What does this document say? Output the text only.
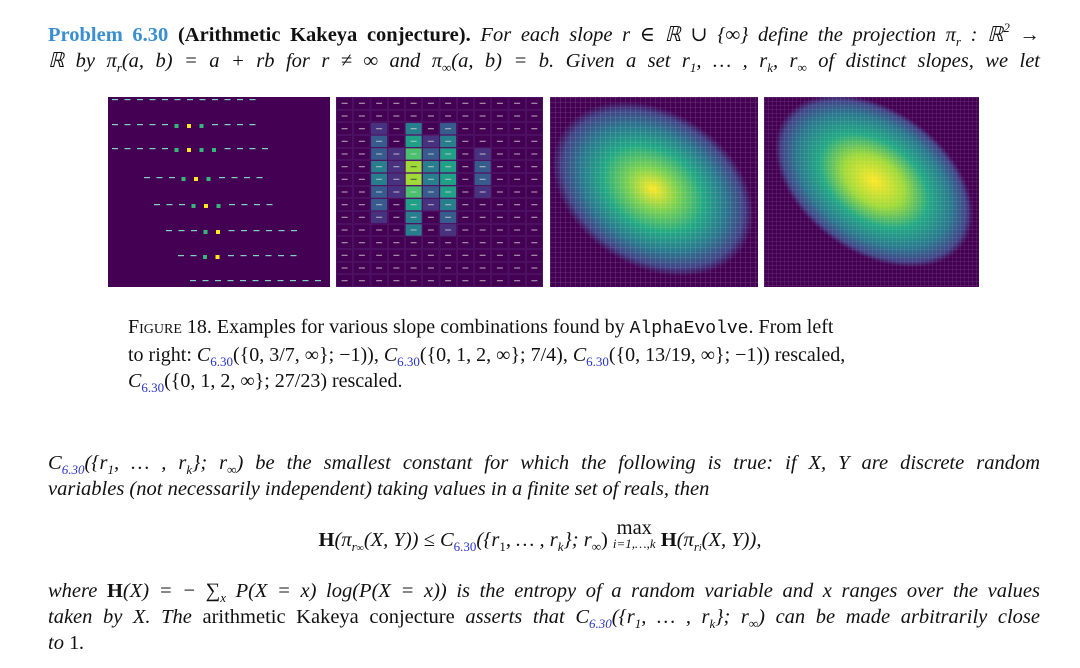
Problem 6.30 (Arithmetic Kakeya conjecture). For each slope r ∈ ℝ ∪ {∞} define the projection $\pi_r$ : ℝ$^2$ →
ℝ by $\pi_r(a$, b) = a + rb for r ≠ ∞ and $\pi_\infty(a$, b) = b. Given a set $r_1$, … , $r_k$, $r_\infty$ of distinct slopes, we let
Figure 18. Examples for various slope combinations found by AlphaEvolve. From left
to right: $C_{6.30}(\{0$, 3/7, ∞}; −1)), $C_{6.30}(\{0$, 1, 2, ∞}; 7/4), $C_{6.30}(\{0$, 13/19, ∞}; −1)) rescaled,
$C_{6.30}(\{0$, 1, 2, ∞}; 27/23) rescaled.
$C_{6.30}(\{r_1$, … , $r_k$}; $r_\infty$) be the smallest constant for which the following is true: if X, Y are discrete random
variables (not necessarily independent) taking values in a finite set of reals, then
$H(\pi_{r\infty}(X$, $Y)) \le C_{6.30}(\{r_1$, … , $r_k$}; $r_\infty$) max
i=1,…,k $H(\pi_{ri}(X$, Y)),
where H(X) = − $\sum_x$ P(X = x) log(P(X = x)) is the entropy of a random variable and x ranges over the values
taken by X. The arithmetic Kakeya conjecture asserts that $C_{6.30}(\{r_1$, … , $r_k$}; $r_\infty$) can be made arbitrarily close
to 1.
